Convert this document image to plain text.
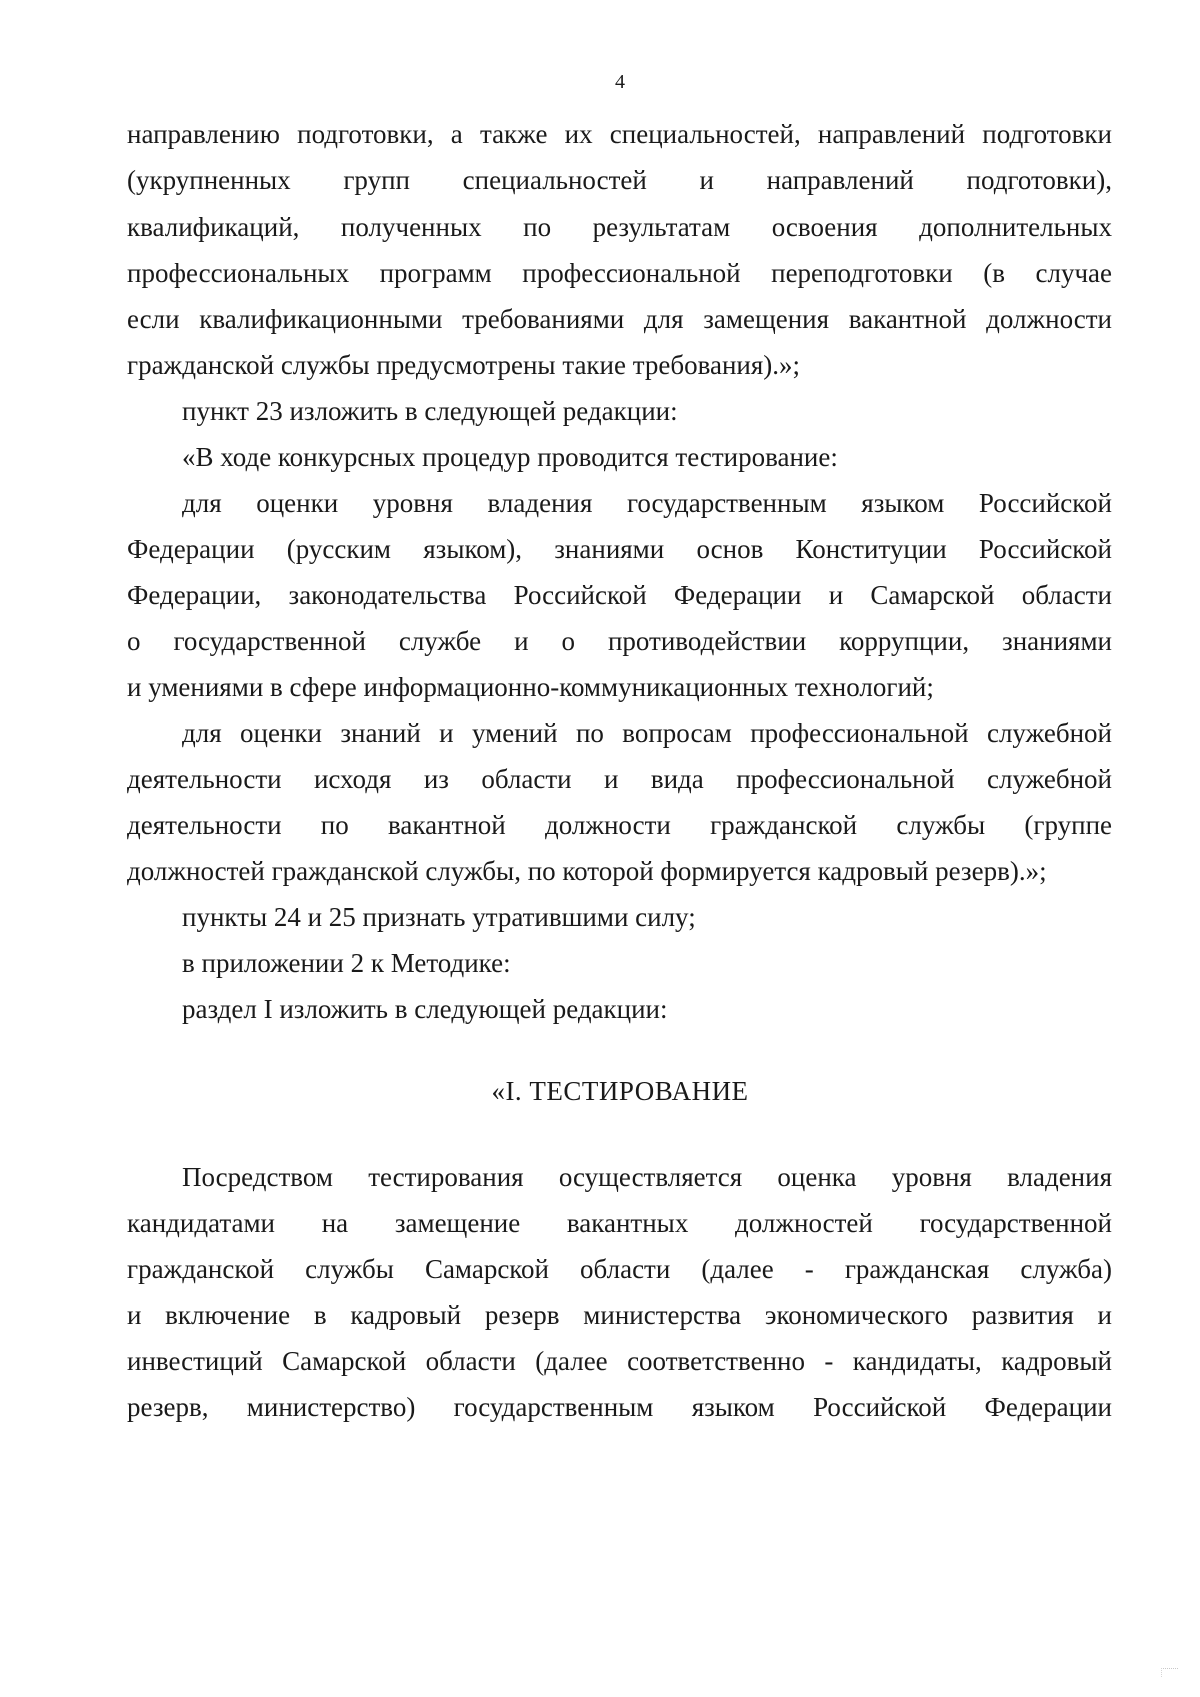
4
направлению подготовки, а также их специальностей, направлений подготовки
(укрупненных групп специальностей и направлений подготовки),
квалификаций, полученных по результатам освоения дополнительных
профессиональных программ профессиональной переподготовки (в случае
если квалификационными требованиями для замещения вакантной должности
гражданской службы предусмотрены такие требования).»;
пункт 23 изложить в следующей редакции:
«В ходе конкурсных процедур проводится тестирование:
для оценки уровня владения государственным языком Российской
Федерации (русским языком), знаниями основ Конституции Российской
Федерации, законодательства Российской Федерации и Самарской области
о государственной службе и о противодействии коррупции, знаниями
и умениями в сфере информационно-коммуникационных технологий;
для оценки знаний и умений по вопросам профессиональной служебной
деятельности исходя из области и вида профессиональной служебной
деятельности по вакантной должности гражданской службы (группе
должностей гражданской службы, по которой формируется кадровый резерв).»;
пункты 24 и 25 признать утратившими силу;
в приложении 2 к Методике:
раздел I изложить в следующей редакции:
«I. ТЕСТИРОВАНИЕ
Посредством тестирования осуществляется оценка уровня владения
кандидатами на замещение вакантных должностей государственной
гражданской службы Самарской области (далее - гражданская служба)
и включение в кадровый резерв министерства экономического развития и
инвестиций Самарской области (далее соответственно - кандидаты, кадровый
резерв, министерство) государственным языком Российской Федерации
